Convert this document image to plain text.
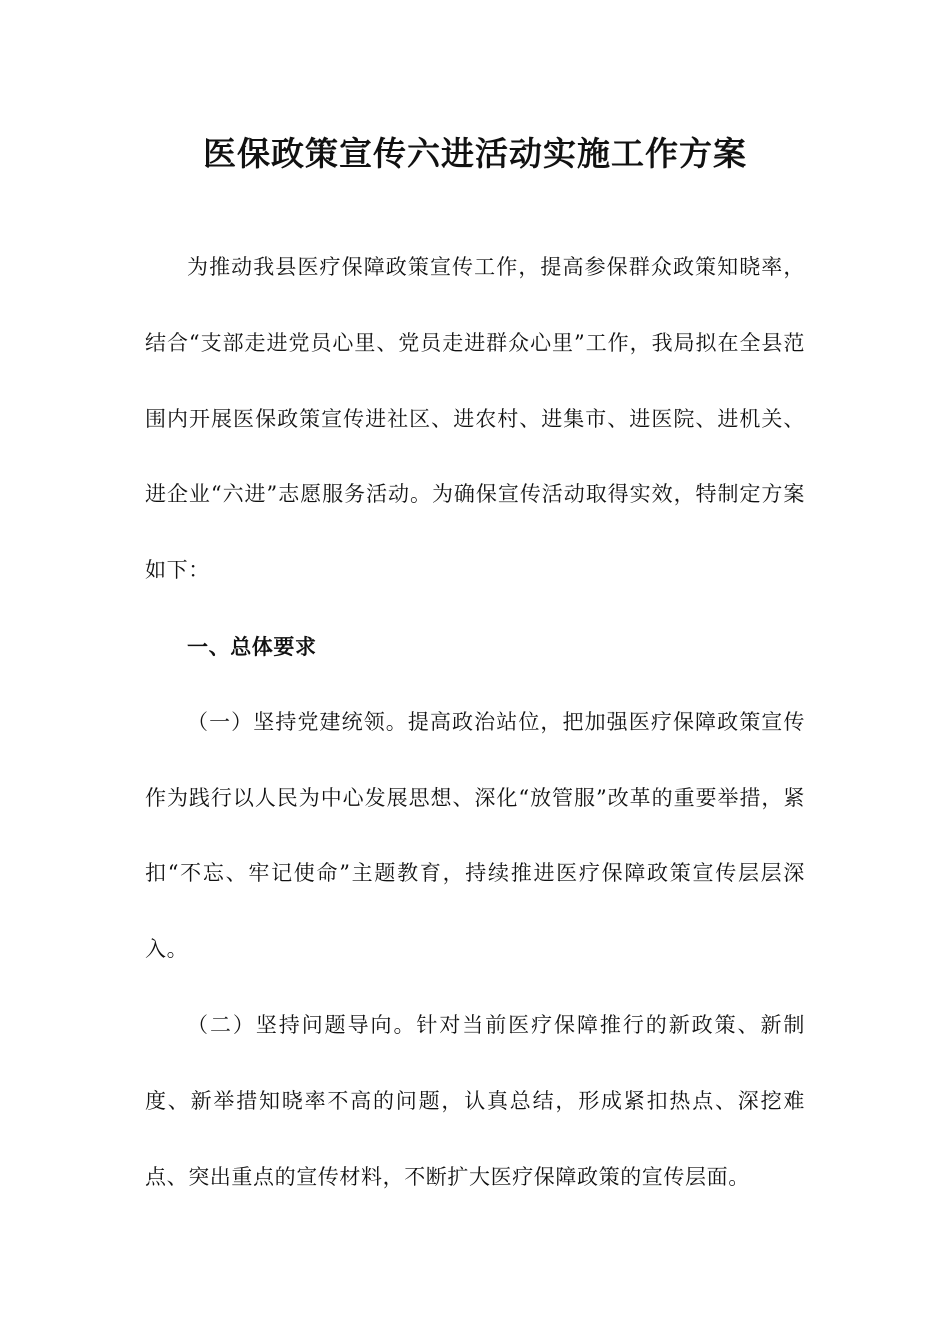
医保政策宣传六进活动实施工作方案

为推动我县医疗保障政策宣传工作，提高参保群众政策知晓率，结合“支部走进党员心里、党员走进群众心里”工作，我局拟在全县范围内开展医保政策宣传进社区、进农村、进集市、进医院、进机关、进企业“六进”志愿服务活动。为确保宣传活动取得实效，特制定方案如下：

一、总体要求

（一）坚持党建统领。提高政治站位，把加强医疗保障政策宣传作为践行以人民为中心发展思想、深化“放管服”改革的重要举措，紧扣“不忘、牢记使命”主题教育，持续推进医疗保障政策宣传层层深入。

（二）坚持问题导向。针对当前医疗保障推行的新政策、新制度、新举措知晓率不高的问题，认真总结，形成紧扣热点、深挖难点、突出重点的宣传材料，不断扩大医疗保障政策的宣传层面。
